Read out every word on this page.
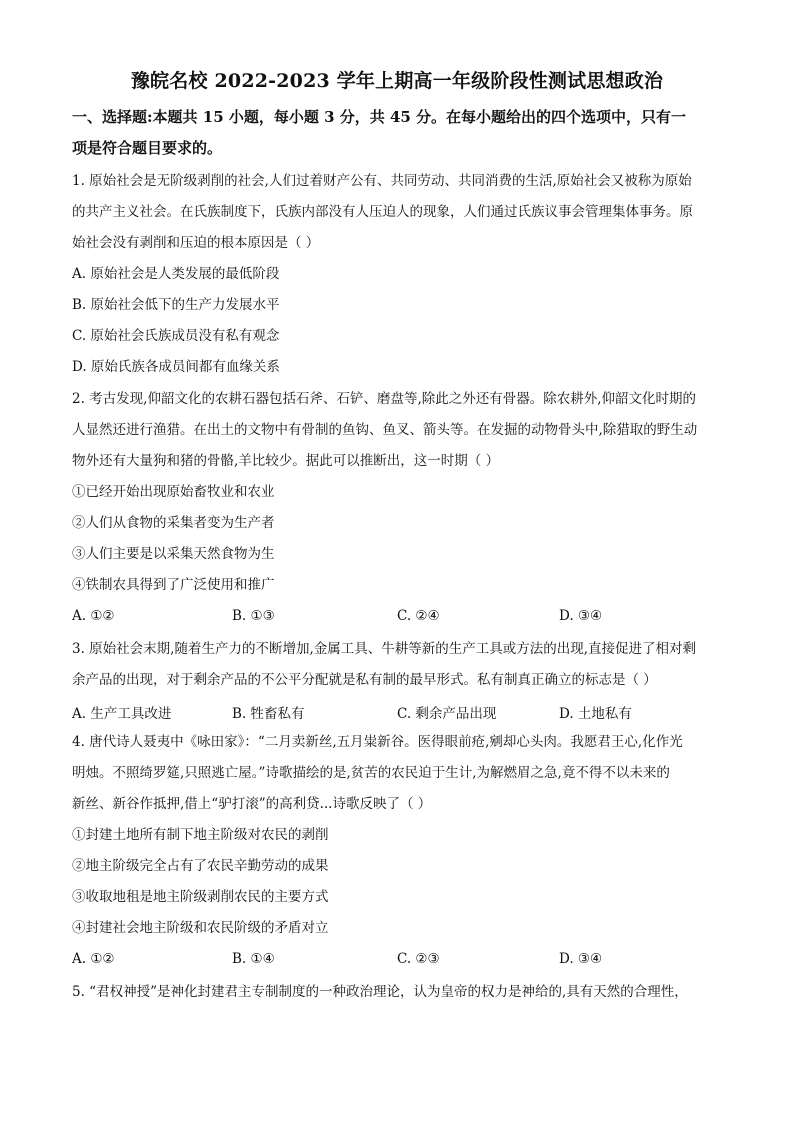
豫皖名校 2022-2023 学年上期高一年级阶段性测试思想政治
一、选择题:本题共 15 小题，每小题 3 分，共 45 分。在每小题给出的四个选项中，只有一
项是符合题目要求的。
1. 原始社会是无阶级剥削的社会,人们过着财产公有、共同劳动、共同消费的生活,原始社会又被称为原始
的共产主义社会。在氏族制度下，氏族内部没有人压迫人的现象，人们通过氏族议事会管理集体事务。原
始社会没有剥削和压迫的根本原因是（ ）
A. 原始社会是人类发展的最低阶段
B. 原始社会低下的生产力发展水平
C. 原始社会氏族成员没有私有观念
D. 原始氏族各成员间都有血缘关系
2. 考古发现,仰韶文化的农耕石器包括石斧、石铲、磨盘等,除此之外还有骨器。除农耕外,仰韶文化时期的
人显然还进行渔猎。在出土的文物中有骨制的鱼钩、鱼叉、箭头等。在发掘的动物骨头中,除猎取的野生动
物外还有大量狗和猪的骨骼,羊比较少。据此可以推断出，这一时期（ ）
①已经开始出现原始畜牧业和农业
②人们从食物的采集者变为生产者
③人们主要是以采集天然食物为生
④铁制农具得到了广泛使用和推广
A. ①②	B. ①③	C. ②④	D. ③④
3. 原始社会末期,随着生产力的不断增加,金属工具、牛耕等新的生产工具或方法的出现,直接促进了相对剩
余产品的出现，对于剩余产品的不公平分配就是私有制的最早形式。私有制真正确立的标志是（ ）
A. 生产工具改进	B. 牲畜私有	C. 剩余产品出现	D. 土地私有
4. 唐代诗人聂夷中《咏田家》：“二月卖新丝,五月粜新谷。医得眼前疮,剜却心头肉。我愿君王心,化作光
明烛。不照绮罗筵,只照逃亡屋。”诗歌描绘的是,贫苦的农民迫于生计,为解燃眉之急,竟不得不以未来的
新丝、新谷作抵押,借上“驴打滚”的高利贷...诗歌反映了（ ）
①封建土地所有制下地主阶级对农民的剥削
②地主阶级完全占有了农民辛勤劳动的成果
③收取地租是地主阶级剥削农民的主要方式
④封建社会地主阶级和农民阶级的矛盾对立
A. ①②	B. ①④	C. ②③	D. ③④
5. “君权神授”是神化封建君主专制制度的一种政治理论，认为皇帝的权力是神给的,具有天然的合理性，
